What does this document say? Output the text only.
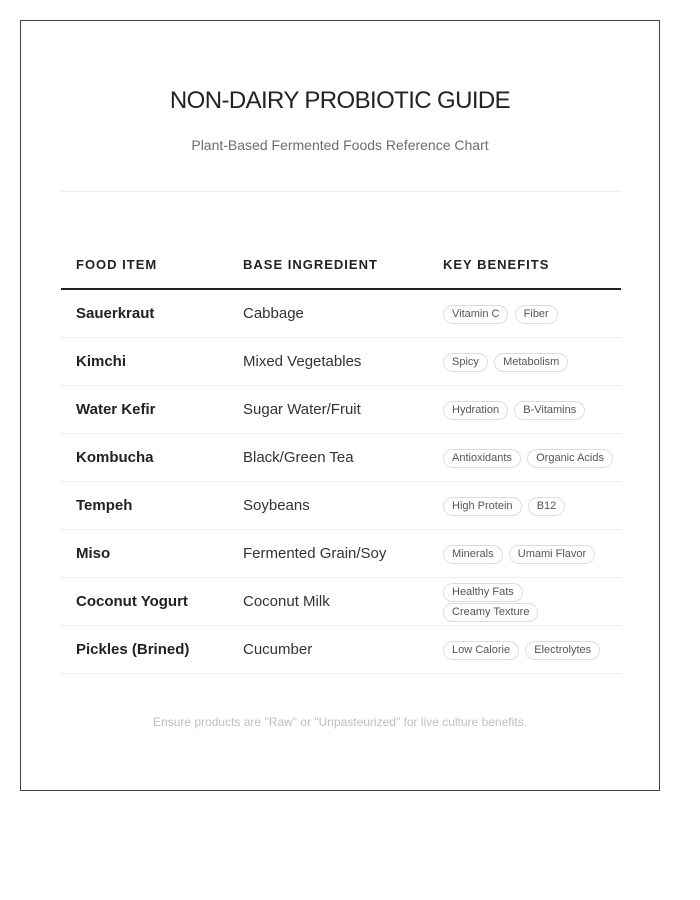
NON-DAIRY PROBIOTIC GUIDE

Plant-Based Fermented Foods Reference Chart

FOOD ITEM	BASE INGREDIENT	KEY BENEFITS
Sauerkraut	Cabbage	Vitamin C Fiber
Kimchi	Mixed Vegetables	Spicy Metabolism
Water Kefir	Sugar Water/Fruit	Hydration B-Vitamins
Kombucha	Black/Green Tea	Antioxidants Organic Acids
Tempeh	Soybeans	High Protein B12
Miso	Fermented Grain/Soy	Minerals Umami Flavor
Coconut Yogurt	Coconut Milk	Healthy Fats Creamy Texture
Pickles (Brined)	Cucumber	Low Calorie Electrolytes

Ensure products are "Raw" or "Unpasteurized" for live culture benefits.
